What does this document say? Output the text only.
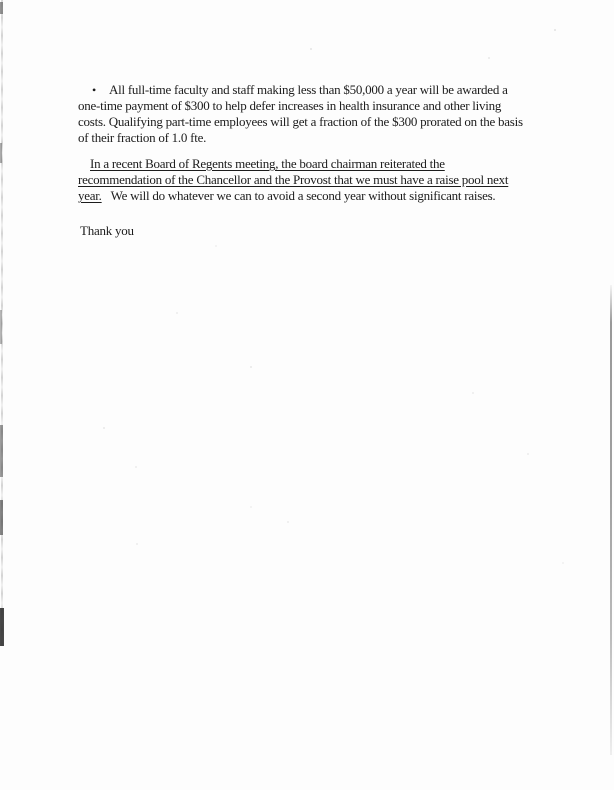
• All full-time faculty and staff making less than $50,000 a year will be awarded a one-time payment of $300 to help defer increases in health insurance and other living costs. Qualifying part-time employees will get a fraction of the $300 prorated on the basis of their fraction of 1.0 fte.

In a recent Board of Regents meeting, the board chairman reiterated the recommendation of the Chancellor and the Provost that we must have a raise pool next year. We will do whatever we can to avoid a second year without significant raises.

Thank you
